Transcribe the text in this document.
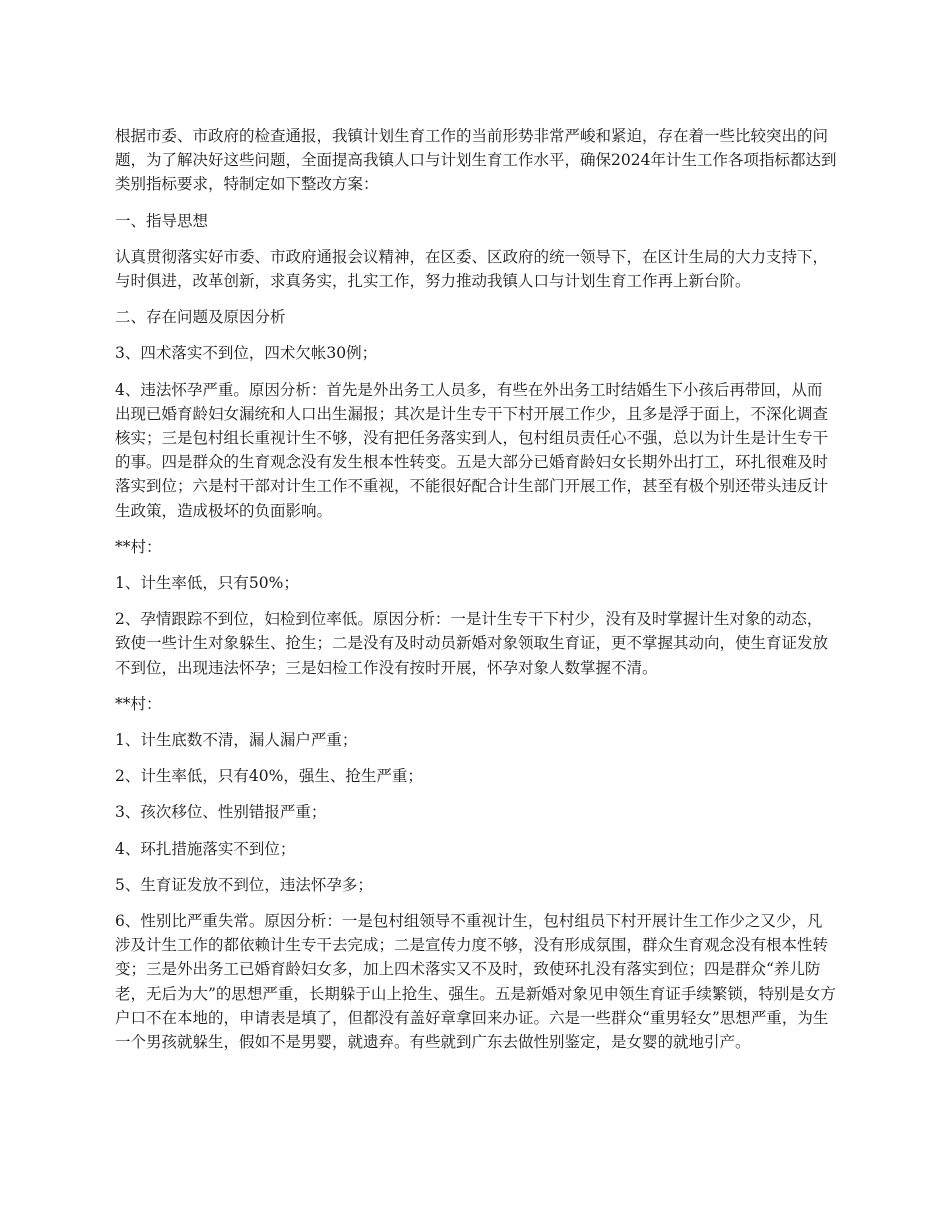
根据市委、市政府的检查通报，我镇计划生育工作的当前形势非常严峻和紧迫，存在着一些比较突出的问题，为了解决好这些问题，全面提高我镇人口与计划生育工作水平，确保2024年计生工作各项指标都达到类别指标要求，特制定如下整改方案：

一、指导思想

认真贯彻落实好市委、市政府通报会议精神，在区委、区政府的统一领导下，在区计生局的大力支持下，与时俱进，改革创新，求真务实，扎实工作，努力推动我镇人口与计划生育工作再上新台阶。

二、存在问题及原因分析

3、四术落实不到位，四术欠帐30例；

4、违法怀孕严重。原因分析：首先是外出务工人员多，有些在外出务工时结婚生下小孩后再带回，从而出现已婚育龄妇女漏统和人口出生漏报；其次是计生专干下村开展工作少，且多是浮于面上，不深化调查核实；三是包村组长重视计生不够，没有把任务落实到人，包村组员责任心不强，总以为计生是计生专干的事。四是群众的生育观念没有发生根本性转变。五是大部分已婚育龄妇女长期外出打工，环扎很难及时落实到位；六是村干部对计生工作不重视，不能很好配合计生部门开展工作，甚至有极个别还带头违反计生政策，造成极坏的负面影响。

**村：

1、计生率低，只有50%；

2、孕情跟踪不到位，妇检到位率低。原因分析：一是计生专干下村少，没有及时掌握计生对象的动态，致使一些计生对象躲生、抢生；二是没有及时动员新婚对象领取生育证，更不掌握其动向，使生育证发放不到位，出现违法怀孕；三是妇检工作没有按时开展，怀孕对象人数掌握不清。

**村：

1、计生底数不清，漏人漏户严重；

2、计生率低，只有40%，强生、抢生严重；

3、孩次移位、性别错报严重；

4、环扎措施落实不到位；

5、生育证发放不到位，违法怀孕多；

6、性别比严重失常。原因分析：一是包村组领导不重视计生，包村组员下村开展计生工作少之又少，凡涉及计生工作的都依赖计生专干去完成；二是宣传力度不够，没有形成氛围，群众生育观念没有根本性转变；三是外出务工已婚育龄妇女多，加上四术落实又不及时，致使环扎没有落实到位；四是群众“养儿防老，无后为大”的思想严重，长期躲于山上抢生、强生。五是新婚对象见申领生育证手续繁锁，特别是女方户口不在本地的，申请表是填了，但都没有盖好章拿回来办证。六是一些群众“重男轻女”思想严重，为生一个男孩就躲生，假如不是男婴，就遗弃。有些就到广东去做性别鉴定，是女婴的就地引产。
